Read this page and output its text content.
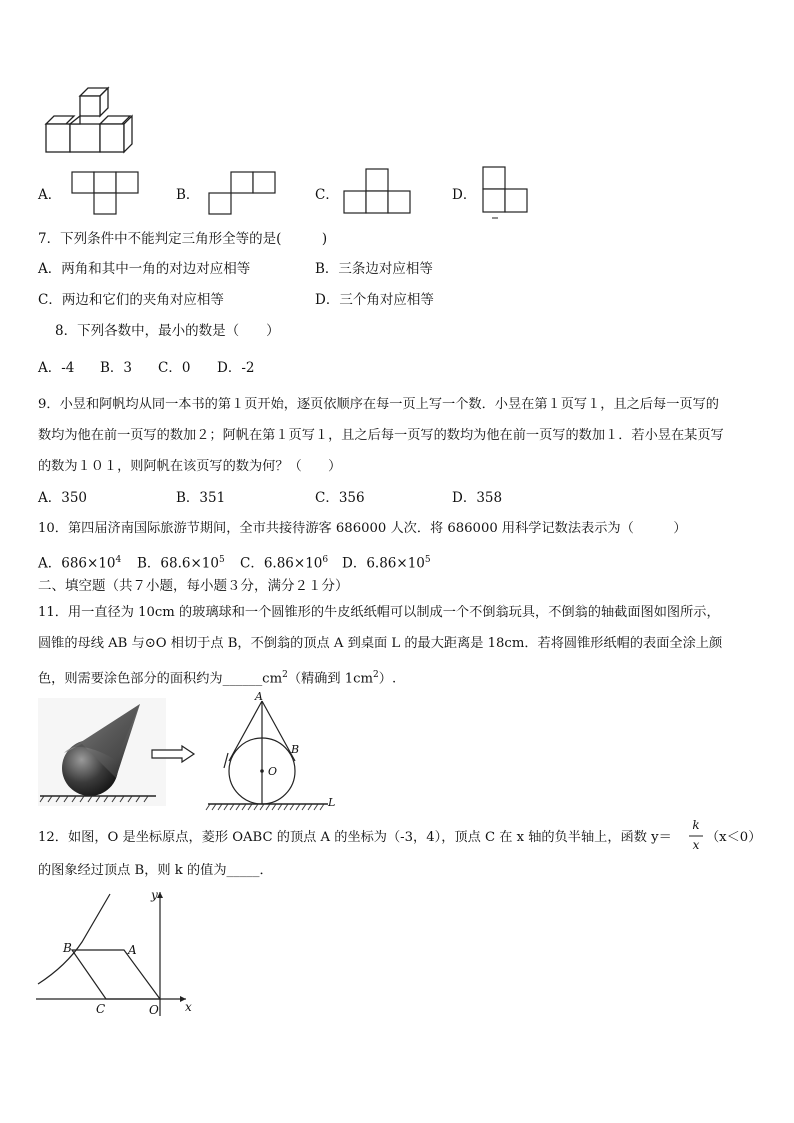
A．	B．	C．	D．
7．下列条件中不能判定三角形全等的是(　　　)
A．两角和其中一角的对边对应相等	B．三条边对应相等
C．两边和它们的夹角对应相等	D．三个角对应相等
8．下列各数中，最小的数是（　　）
A．-4 B．3 C．0 D．-2
9．小昱和阿帆均从同一本书的第１页开始，逐页依顺序在每一页上写一个数．小昱在第１页写１，且之后每一页写的
数均为他在前一页写的数加２；阿帆在第１页写１，且之后每一页写的数均为他在前一页写的数加１．若小昱在某页写
的数为１０１，则阿帆在该页写的数为何？（　　）
A．350	B．351	C．356	D．358
10．第四届济南国际旅游节期间，全市共接待游客 686000 人次．将 686000 用科学记数法表示为（　　　）
A．$686\times 10^4$ B．$68.6\times 10^5$ C．$6.86\times 10^6$ D．$6.86\times 10^5$
二、填空题（共７小题，每小题３分，满分２１分）
11．用一直径为 10cm 的玻璃球和一个圆锥形的牛皮纸纸帽可以制成一个不倒翁玩具，不倒翁的轴截面图如图所示，
圆锥的母线 AB 与⊙O 相切于点 B，不倒翁的顶点 A 到桌面 L 的最大距离是 18cm．若将圆锥形纸帽的表面全涂上颜
色，则需要涂色部分的面积约为$\_\_\_\_\_\_cm^2$（精确到 $1cm^2$）.
A
B
O
L
12．如图，O 是坐标原点，菱形 OABC 的顶点 A 的坐标为（-3，4），顶点 C 在 x 轴的负半轴上，函数 y＝
k
x （x＜0）
的图象经过顶点 B，则 k 的值为_____．
y
x
A
B
C	O
